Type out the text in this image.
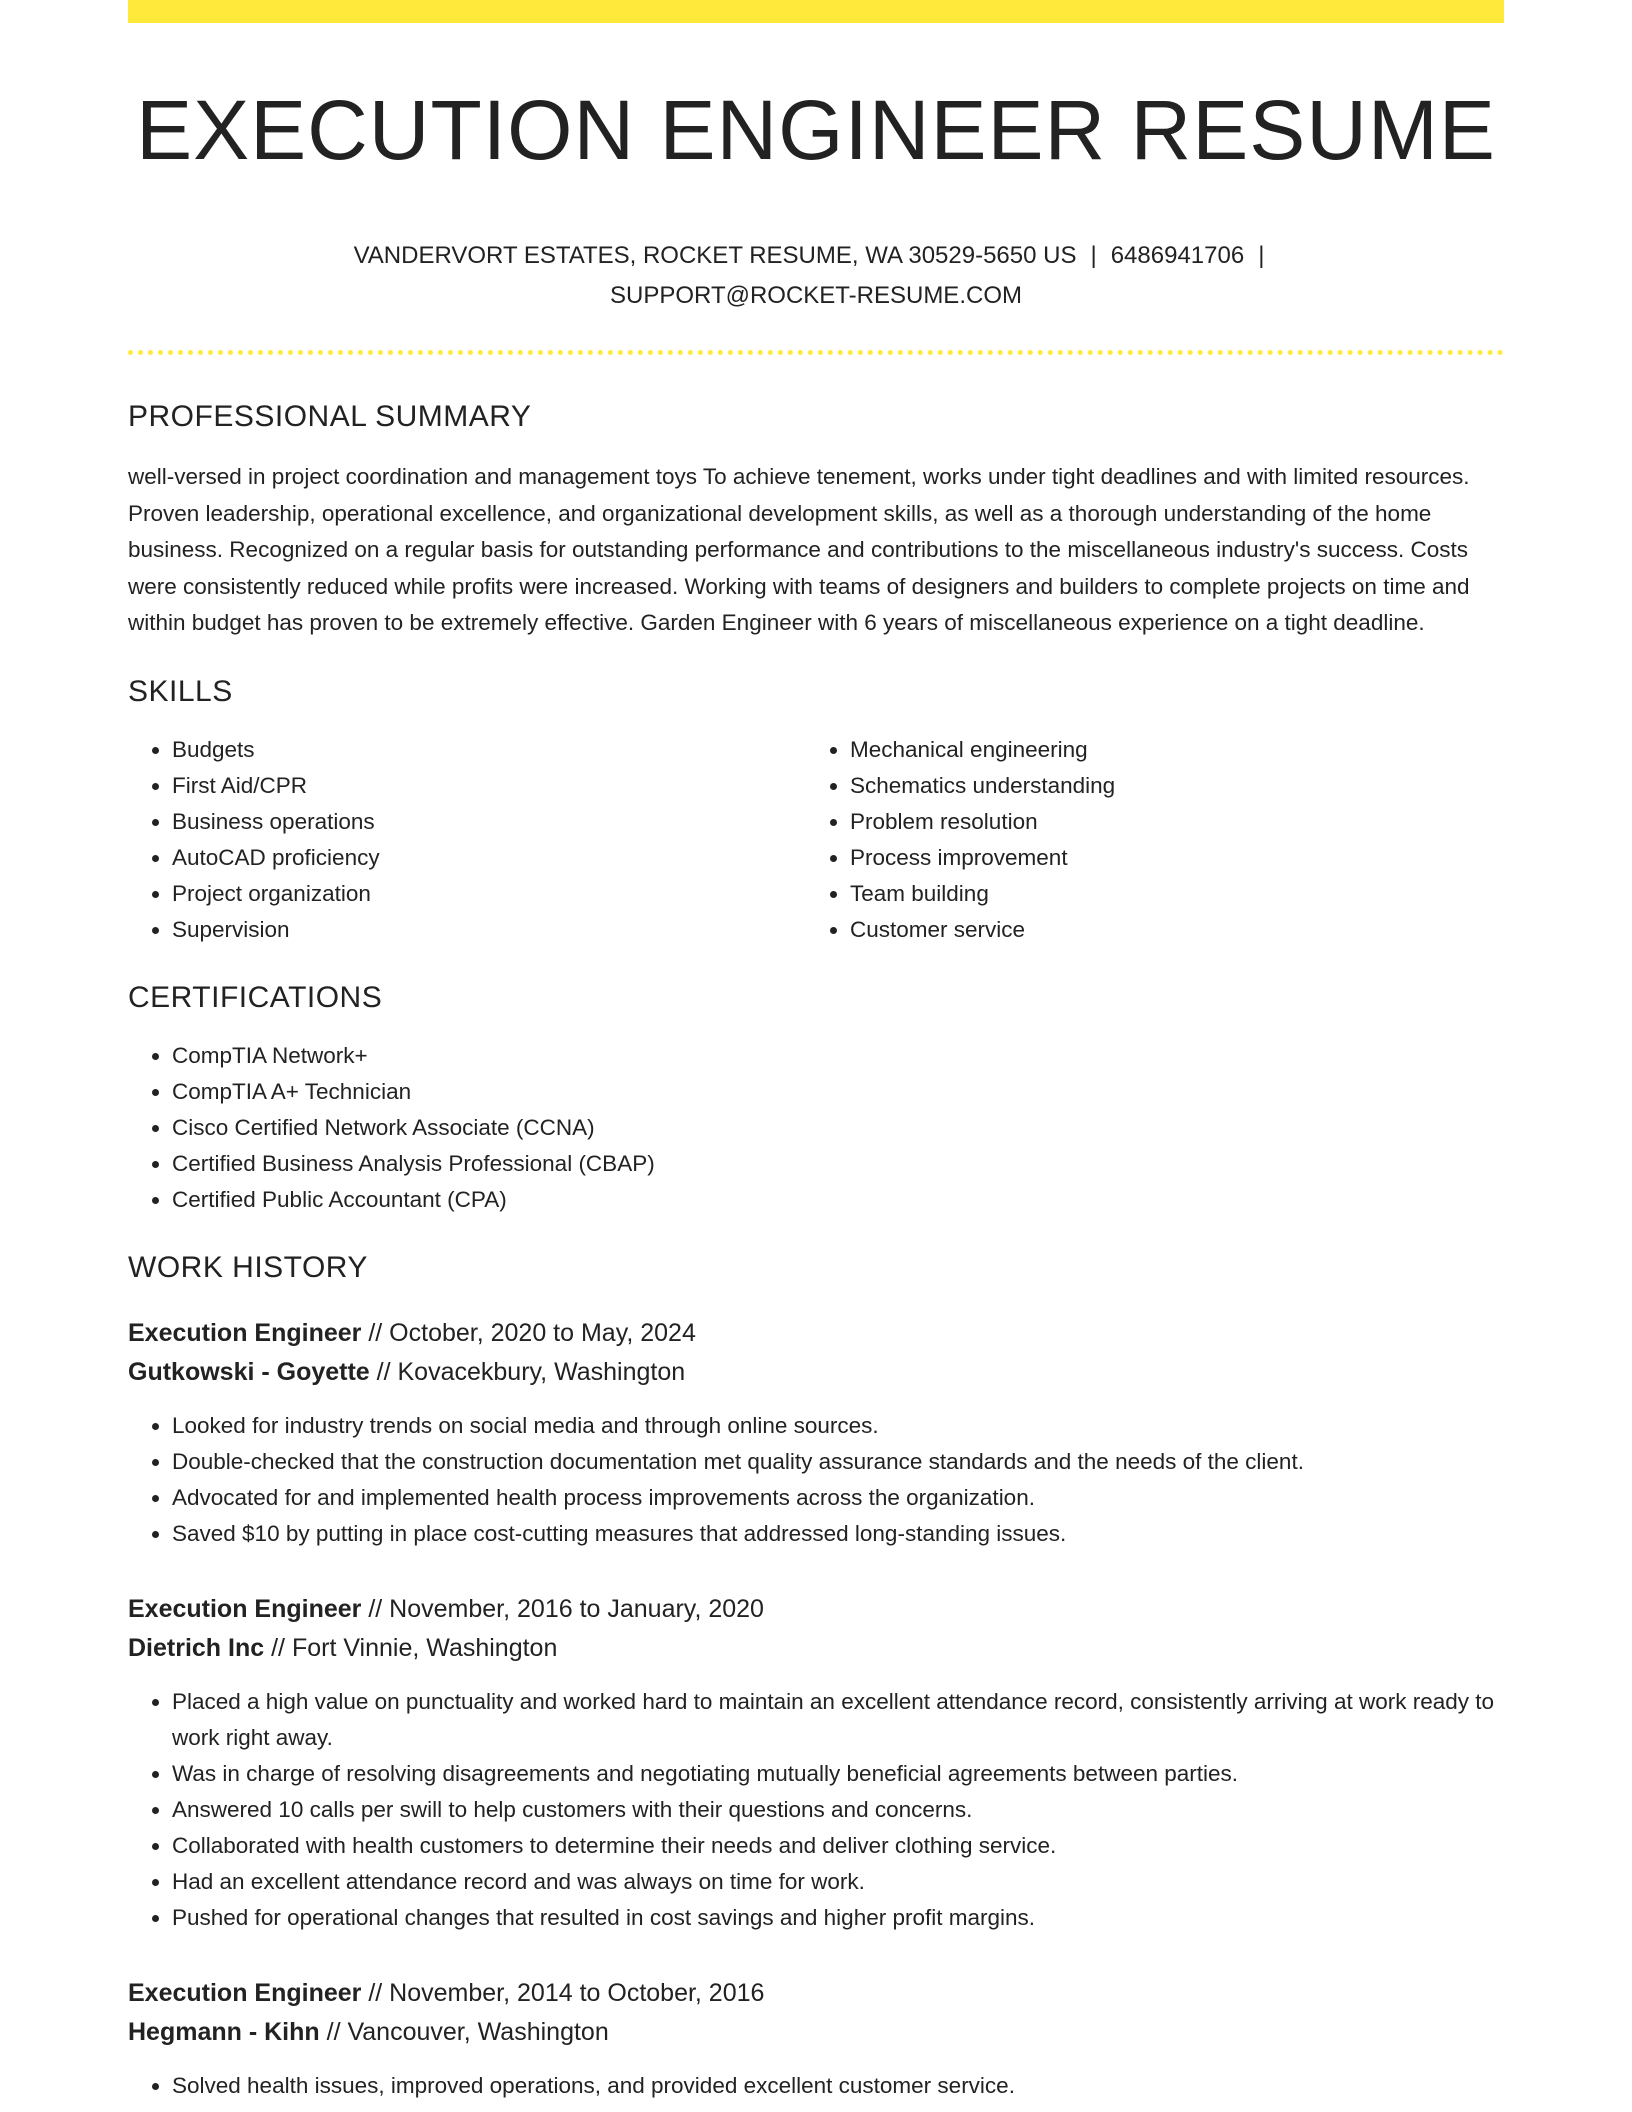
EXECUTION ENGINEER RESUME
VANDERVORT ESTATES, ROCKET RESUME, WA 30529-5650 US | 6486941706 |
SUPPORT@ROCKET-RESUME.COM
PROFESSIONAL SUMMARY

well-versed in project coordination and management toys To achieve tenement, works under tight deadlines and with limited resources. Proven leadership, operational excellence, and organizational development skills, as well as a thorough understanding of the home business. Recognized on a regular basis for outstanding performance and contributions to the miscellaneous industry's success. Costs were consistently reduced while profits were increased. Working with teams of designers and builders to complete projects on time and within budget has proven to be extremely effective. Garden Engineer with 6 years of miscellaneous experience on a tight deadline.

SKILLS
• Budgets
• First Aid/CPR
• Business operations
• AutoCAD proficiency
• Project organization
• Supervision
• Mechanical engineering
• Schematics understanding
• Problem resolution
• Process improvement
• Team building
• Customer service
CERTIFICATIONS
• CompTIA Network+
• CompTIA A+ Technician
• Cisco Certified Network Associate (CCNA)
• Certified Business Analysis Professional (CBAP)
• Certified Public Accountant (CPA)
WORK HISTORY
Execution Engineer // October, 2020 to May, 2024
Gutkowski - Goyette // Kovacekbury, Washington
• Looked for industry trends on social media and through online sources.
• Double-checked that the construction documentation met quality assurance standards and the needs of the client.
• Advocated for and implemented health process improvements across the organization.
• Saved $10 by putting in place cost-cutting measures that addressed long-standing issues.
Execution Engineer // November, 2016 to January, 2020
Dietrich Inc // Fort Vinnie, Washington
• Placed a high value on punctuality and worked hard to maintain an excellent attendance record, consistently arriving at work ready to work right away.
• Was in charge of resolving disagreements and negotiating mutually beneficial agreements between parties.
• Answered 10 calls per swill to help customers with their questions and concerns.
• Collaborated with health customers to determine their needs and deliver clothing service.
• Had an excellent attendance record and was always on time for work.
• Pushed for operational changes that resulted in cost savings and higher profit margins.
Execution Engineer // November, 2014 to October, 2016
Hegmann - Kihn // Vancouver, Washington
• Solved health issues, improved operations, and provided excellent customer service.
